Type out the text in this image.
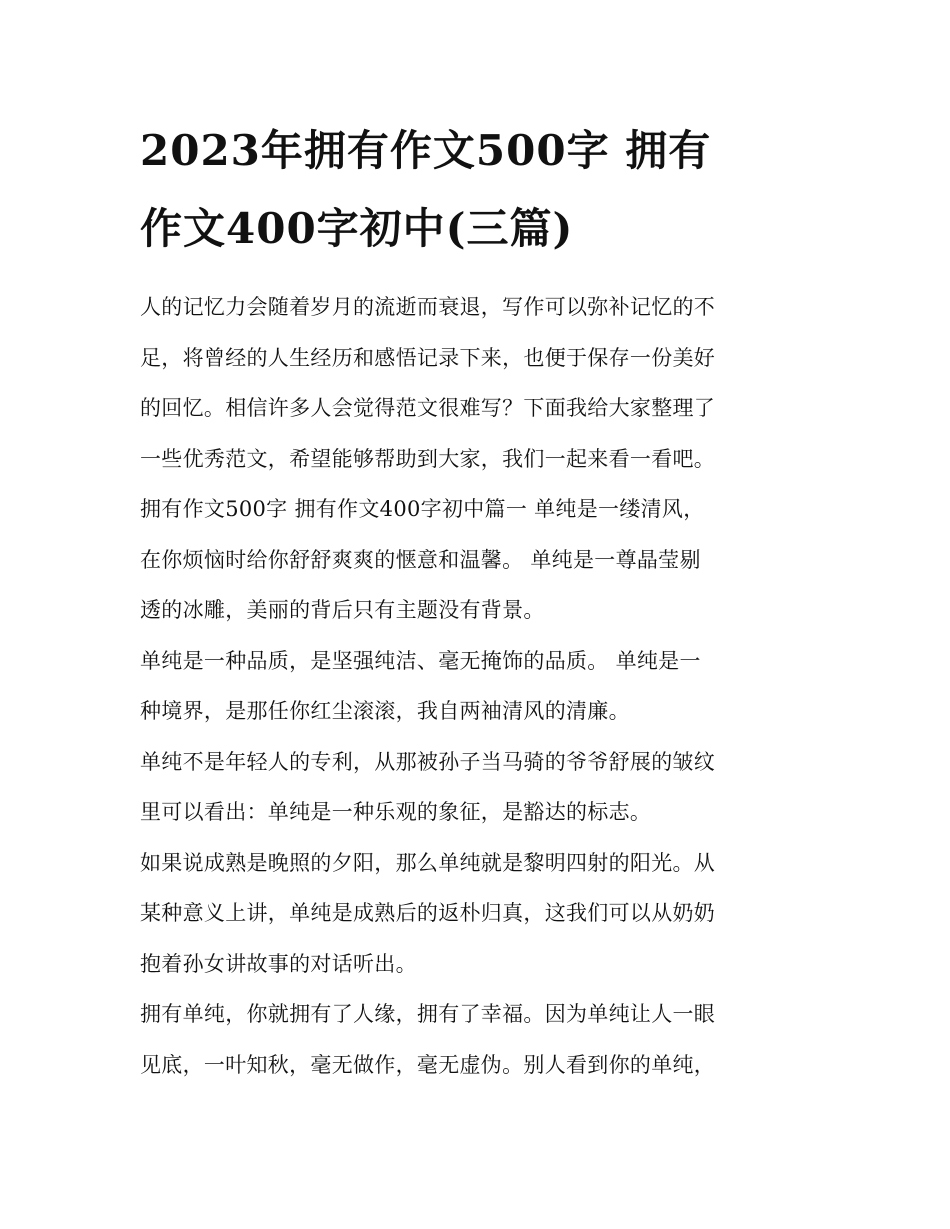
2023年拥有作文500字 拥有
作文400字初中(三篇)

人的记忆力会随着岁月的流逝而衰退，写作可以弥补记忆的不
足，将曾经的人生经历和感悟记录下来，也便于保存一份美好
的回忆。相信许多人会觉得范文很难写？下面我给大家整理了
一些优秀范文，希望能够帮助到大家，我们一起来看一看吧。

拥有作文500字 拥有作文400字初中篇一 单纯是一缕清风，
在你烦恼时给你舒舒爽爽的惬意和温馨。 单纯是一尊晶莹剔
透的冰雕，美丽的背后只有主题没有背景。

单纯是一种品质，是坚强纯洁、毫无掩饰的品质。 单纯是一
种境界，是那任你红尘滚滚，我自两袖清风的清廉。

单纯不是年轻人的专利，从那被孙子当马骑的爷爷舒展的皱纹
里可以看出：单纯是一种乐观的象征，是豁达的标志。

如果说成熟是晚照的夕阳，那么单纯就是黎明四射的阳光。从
某种意义上讲，单纯是成熟后的返朴归真，这我们可以从奶奶
抱着孙女讲故事的对话听出。

拥有单纯，你就拥有了人缘，拥有了幸福。因为单纯让人一眼
见底，一叶知秋，毫无做作，毫无虚伪。别人看到你的单纯，
